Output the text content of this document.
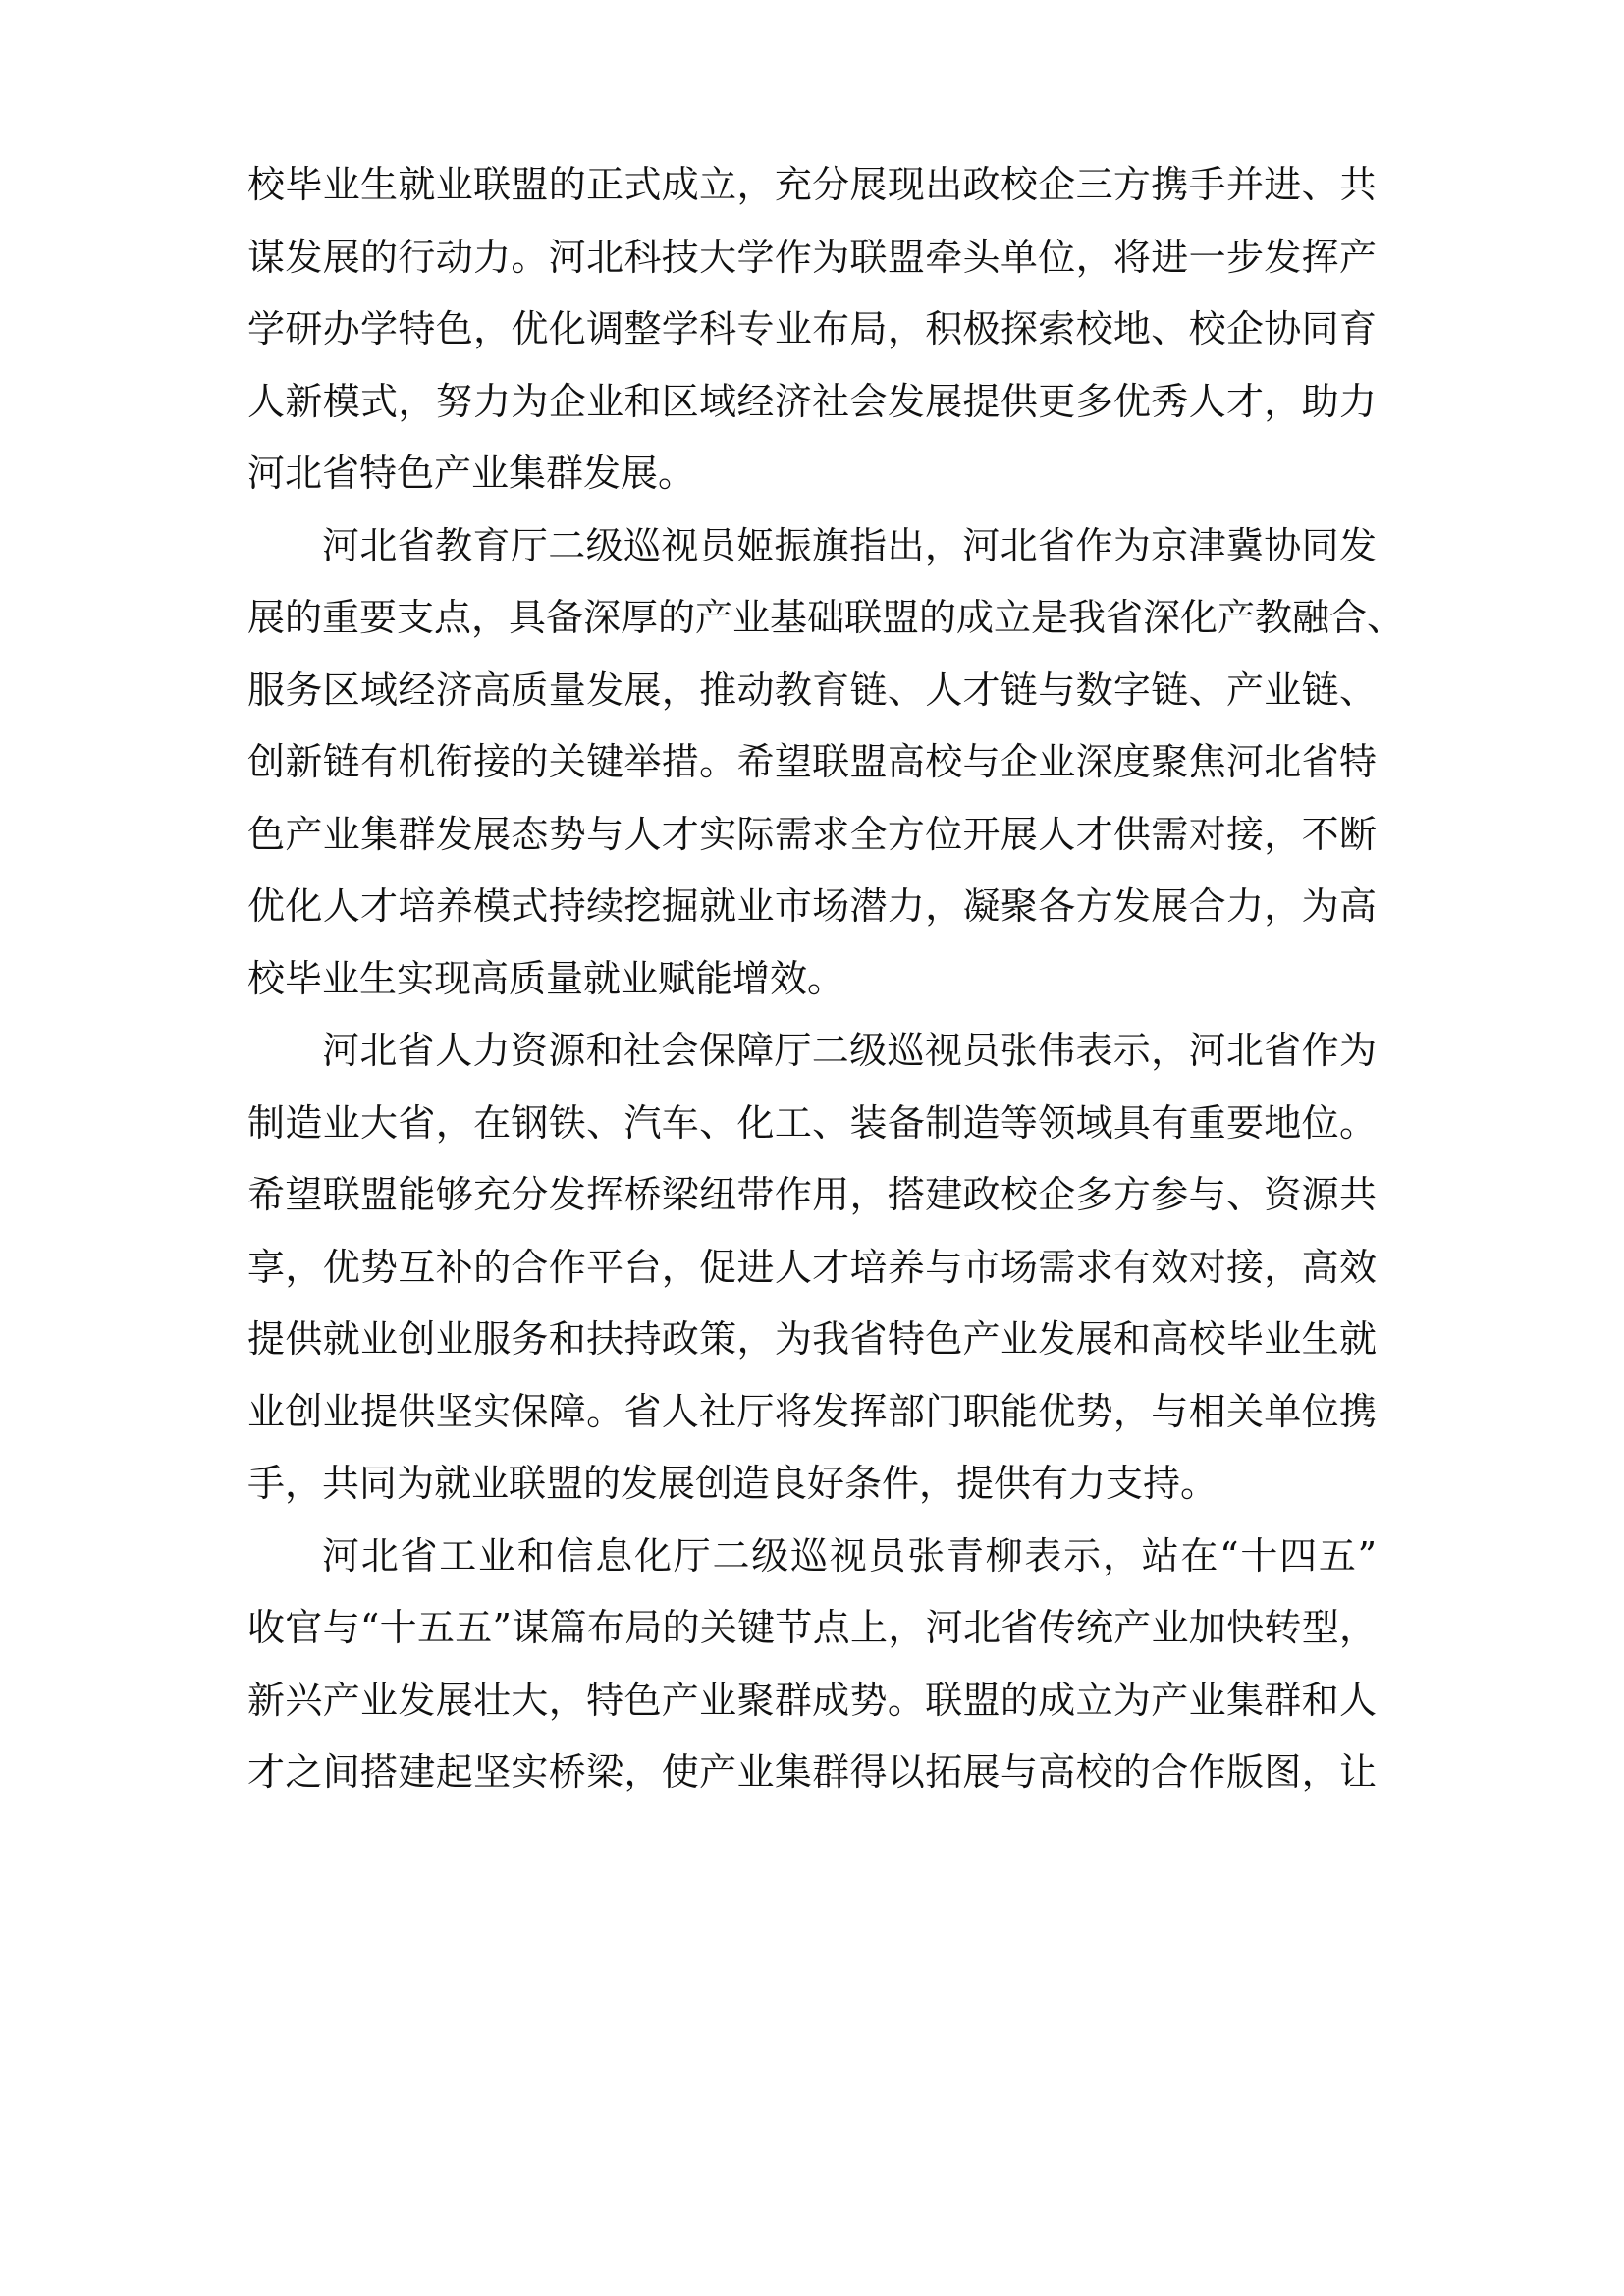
校毕业生就业联盟的正式成立，充分展现出政校企三方携手并进、共
谋发展的行动力。河北科技大学作为联盟牵头单位，将进一步发挥产
学研办学特色，优化调整学科专业布局，积极探索校地、校企协同育
人新模式，努力为企业和区域经济社会发展提供更多优秀人才，助力
河北省特色产业集群发展。
河北省教育厅二级巡视员姬振旗指出，河北省作为京津冀协同发
展的重要支点，具备深厚的产业基础联盟的成立是我省深化产教融合、
服务区域经济高质量发展，推动教育链、人才链与数字链、产业链、
创新链有机衔接的关键举措。希望联盟高校与企业深度聚焦河北省特
色产业集群发展态势与人才实际需求全方位开展人才供需对接，不断
优化人才培养模式持续挖掘就业市场潜力，凝聚各方发展合力，为高
校毕业生实现高质量就业赋能增效。
河北省人力资源和社会保障厅二级巡视员张伟表示，河北省作为
制造业大省，在钢铁、汽车、化工、装备制造等领域具有重要地位。
希望联盟能够充分发挥桥梁纽带作用，搭建政校企多方参与、资源共
享，优势互补的合作平台，促进人才培养与市场需求有效对接，高效
提供就业创业服务和扶持政策，为我省特色产业发展和高校毕业生就
业创业提供坚实保障。省人社厅将发挥部门职能优势，与相关单位携
手，共同为就业联盟的发展创造良好条件，提供有力支持。
河北省工业和信息化厅二级巡视员张青柳表示，站在“十四五”
收官与“十五五”谋篇布局的关键节点上，河北省传统产业加快转型，
新兴产业发展壮大，特色产业聚群成势。联盟的成立为产业集群和人
才之间搭建起坚实桥梁，使产业集群得以拓展与高校的合作版图，让
